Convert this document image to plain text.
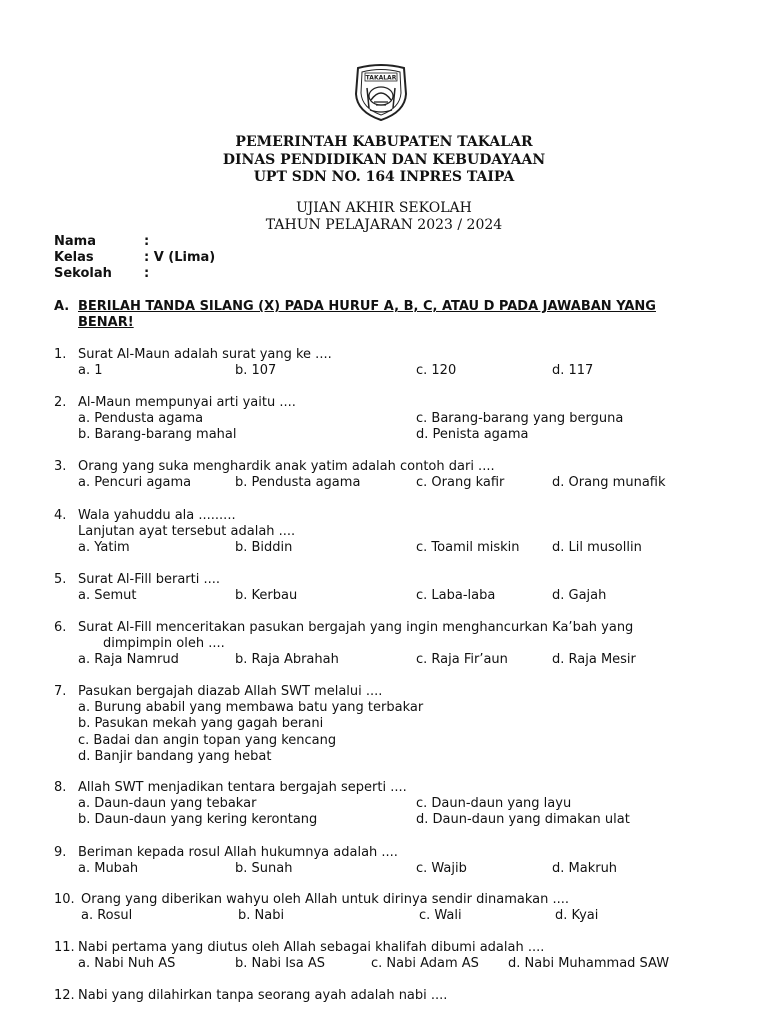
TAKALAR
PEMERINTAH KABUPATEN TAKALAR
DINAS PENDIDIKAN DAN KEBUDAYAAN
UPT SDN NO. 164 INPRES TAIPA
UJIAN AKHIR SEKOLAH
TAHUN PELAJARAN 2023 / 2024
Nama	:
Kelas	: V (Lima)
Sekolah :
A. BERILAH TANDA SILANG (X) PADA HURUF A, B, C, ATAU D PADA JAWABAN YANG
BENAR!
1. Surat Al-Maun adalah surat yang ke ....
a. 1	b. 107	c. 120	d. 117
2. Al-Maun mempunyai arti yaitu ....
a. Pendusta agama	c. Barang-barang yang berguna
b. Barang-barang mahal	d. Penista agama
3. Orang yang suka menghardik anak yatim adalah contoh dari ....
a. Pencuri agama	b. Pendusta agama	c. Orang kafir	d. Orang munafik
4. Wala yahuddu ala .........
Lanjutan ayat tersebut adalah ....
a. Yatim	b. Biddin	c. Toamil miskin d. Lil musollin
5. Surat Al-Fill berarti ....
a. Semut	b. Kerbau	c. Laba-laba	d. Gajah
6. Surat Al-Fill menceritakan pasukan bergajah yang ingin menghancurkan Ka’bah yang
dimpimpin oleh ....
a. Raja Namrud	b. Raja Abrahah	c. Raja Fir’aun	d. Raja Mesir
7. Pasukan bergajah diazab Allah SWT melalui ....
a. Burung ababil yang membawa batu yang terbakar
b. Pasukan mekah yang gagah berani
c. Badai dan angin topan yang kencang
d. Banjir bandang yang hebat
8. Allah SWT menjadikan tentara bergajah seperti ....
a. Daun-daun yang tebakar	c. Daun-daun yang layu
b. Daun-daun yang kering kerontang	d. Daun-daun yang dimakan ulat
9. Beriman kepada rosul Allah hukumnya adalah ....
a. Mubah	b. Sunah	c. Wajib	d. Makruh
10. Orang yang diberikan wahyu oleh Allah untuk dirinya sendir dinamakan ....
a. Rosul	b. Nabi	c. Wali	d. Kyai
11. Nabi pertama yang diutus oleh Allah sebagai khalifah dibumi adalah ....
a. Nabi Nuh AS	b. Nabi Isa AS	c. Nabi Adam AS d. Nabi Muhammad SAW
12. Nabi yang dilahirkan tanpa seorang ayah adalah nabi ....
